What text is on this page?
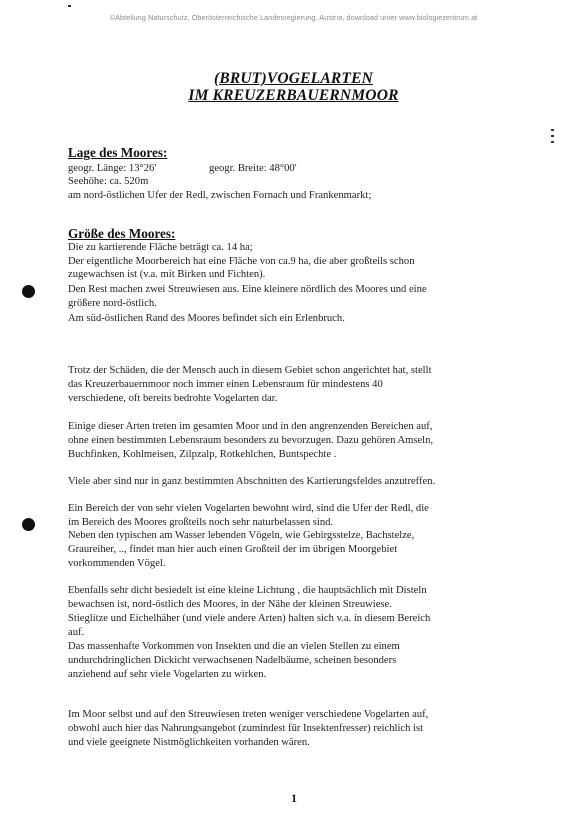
©Abteilung Naturschutz, Oberösterreichische Landesregierung, Austria, download unter www.biologiezentrum.at
(BRUT)VOGELARTEN
IM KREUZERBAUERNMOOR
Lage des Moores:
geogr. Länge: 13°26'	geogr. Breite: 48°00'
Seehöhe: ca. 520m
am nord-östlichen Ufer der Redl, zwischen Fornach und Frankenmarkt;
Größe des Moores:
Die zu kartierende Fläche beträgt ca. 14 ha;
Der eigentliche Moorbereich hat eine Fläche von ca.9 ha, die aber großteils schon
zugewachsen ist (v.a. mit Birken und Fichten).
Den Rest machen zwei Streuwiesen aus. Eine kleinere nördlich des Moores und eine
größere nord-östlich.
Am süd-östlichen Rand des Moores befindet sich ein Erlenbruch.
Trotz der Schäden, die der Mensch auch in diesem Gebiet schon angerichtet hat, stellt
das Kreuzerbauernmoor noch immer einen Lebensraum für mindestens 40
verschiedene, oft bereits bedrohte Vogelarten dar.
Einige dieser Arten treten im gesamten Moor und in den angrenzenden Bereichen auf,
ohne einen bestimmten Lebensraum besonders zu bevorzugen. Dazu gehören Amseln,
Buchfinken, Kohlmeisen, Zilpzalp, Rotkehlchen, Buntspechte .
Viele aber sind nur in ganz bestimmten Abschnitten des Kartierungsfeldes anzutreffen.
Ein Bereich der von sehr vielen Vogelarten bewohnt wird, sind die Ufer der Redl, die
im Bereich des Moores großteils noch sehr naturbelassen sind.
Neben den typischen am Wasser lebenden Vögeln, wie Gebirgsstelze, Bachstelze,
Graureiher, .., findet man hier auch einen Großteil der im übrigen Moorgebiet
vorkommenden Vögel.
Ebenfalls sehr dicht besiedelt ist eine kleine Lichtung , die hauptsächlich mit Disteln
bewachsen ist, nord-östlich des Moores, in der Nähe der kleinen Streuwiese.
Stieglitze und Eichelhäher (und viele andere Arten) halten sich v.a. in diesem Bereich
auf.
Das massenhafte Vorkommen von Insekten und die an vielen Stellen zu einem
undurchdringlichen Dickicht verwachsenen Nadelbäume, scheinen besonders
anziehend auf sehr viele Vogelarten zu wirken.
Im Moor selbst und auf den Streuwiesen treten weniger verschiedene Vogelarten auf,
obwohl auch hier das Nahrungsangebot (zumindest für Insektenfresser) reichlich ist
und viele geeignete Nistmöglichkeiten vorhanden wären.
1
